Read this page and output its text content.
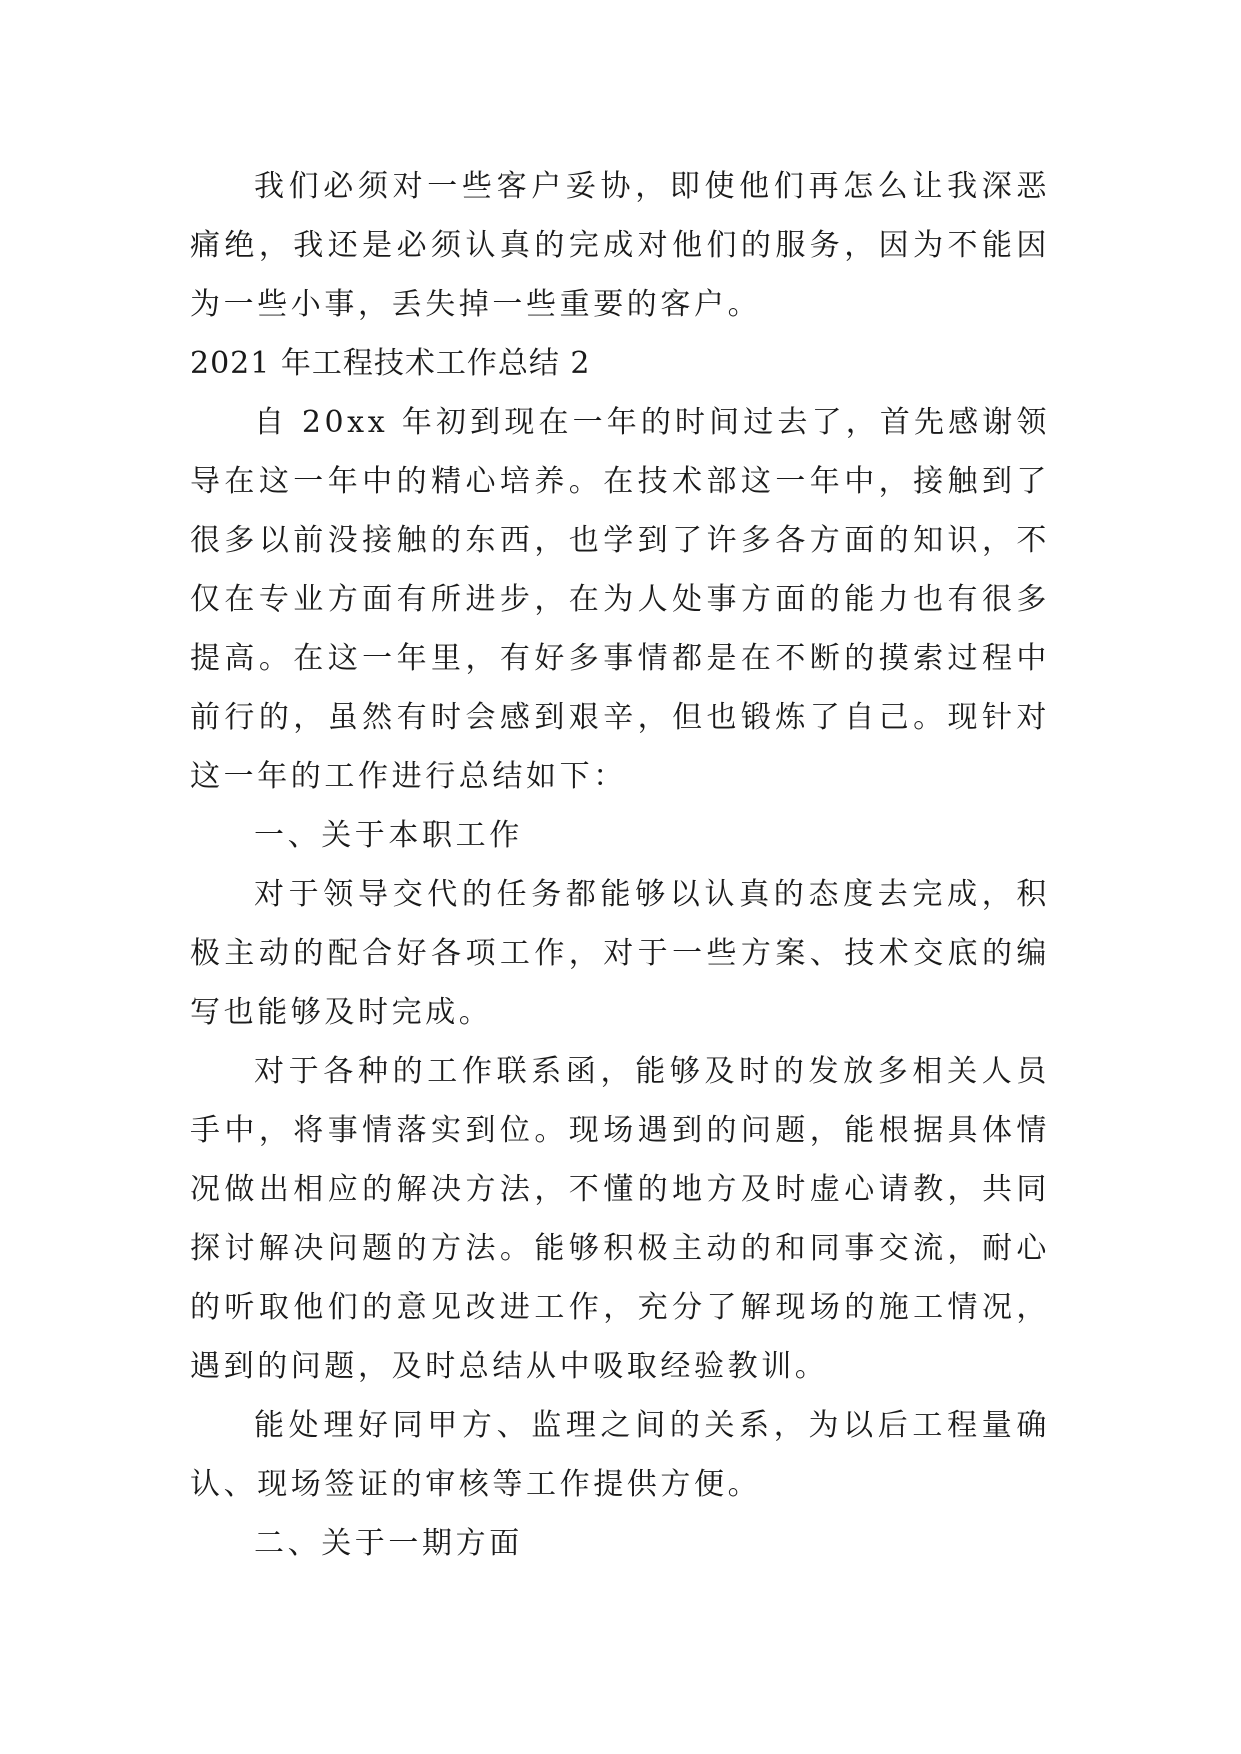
我们必须对一些客户妥协，即使他们再怎么让我深恶痛绝，我还是必须认真的完成对他们的服务，因为不能因为一些小事，丢失掉一些重要的客户。

2021 年工程技术工作总结 2

自 20xx 年初到现在一年的时间过去了，首先感谢领导在这一年中的精心培养。在技术部这一年中，接触到了很多以前没接触的东西，也学到了许多各方面的知识，不仅在专业方面有所进步，在为人处事方面的能力也有很多提高。在这一年里，有好多事情都是在不断的摸索过程中前行的，虽然有时会感到艰辛，但也锻炼了自己。现针对这一年的工作进行总结如下：

一、关于本职工作

对于领导交代的任务都能够以认真的态度去完成，积极主动的配合好各项工作，对于一些方案、技术交底的编写也能够及时完成。

对于各种的工作联系函，能够及时的发放多相关人员手中，将事情落实到位。现场遇到的问题，能根据具体情况做出相应的解决方法，不懂的地方及时虚心请教，共同探讨解决问题的方法。能够积极主动的和同事交流，耐心的听取他们的意见改进工作，充分了解现场的施工情况，遇到的问题，及时总结从中吸取经验教训。

能处理好同甲方、监理之间的关系，为以后工程量确认、现场签证的审核等工作提供方便。

二、关于一期方面
